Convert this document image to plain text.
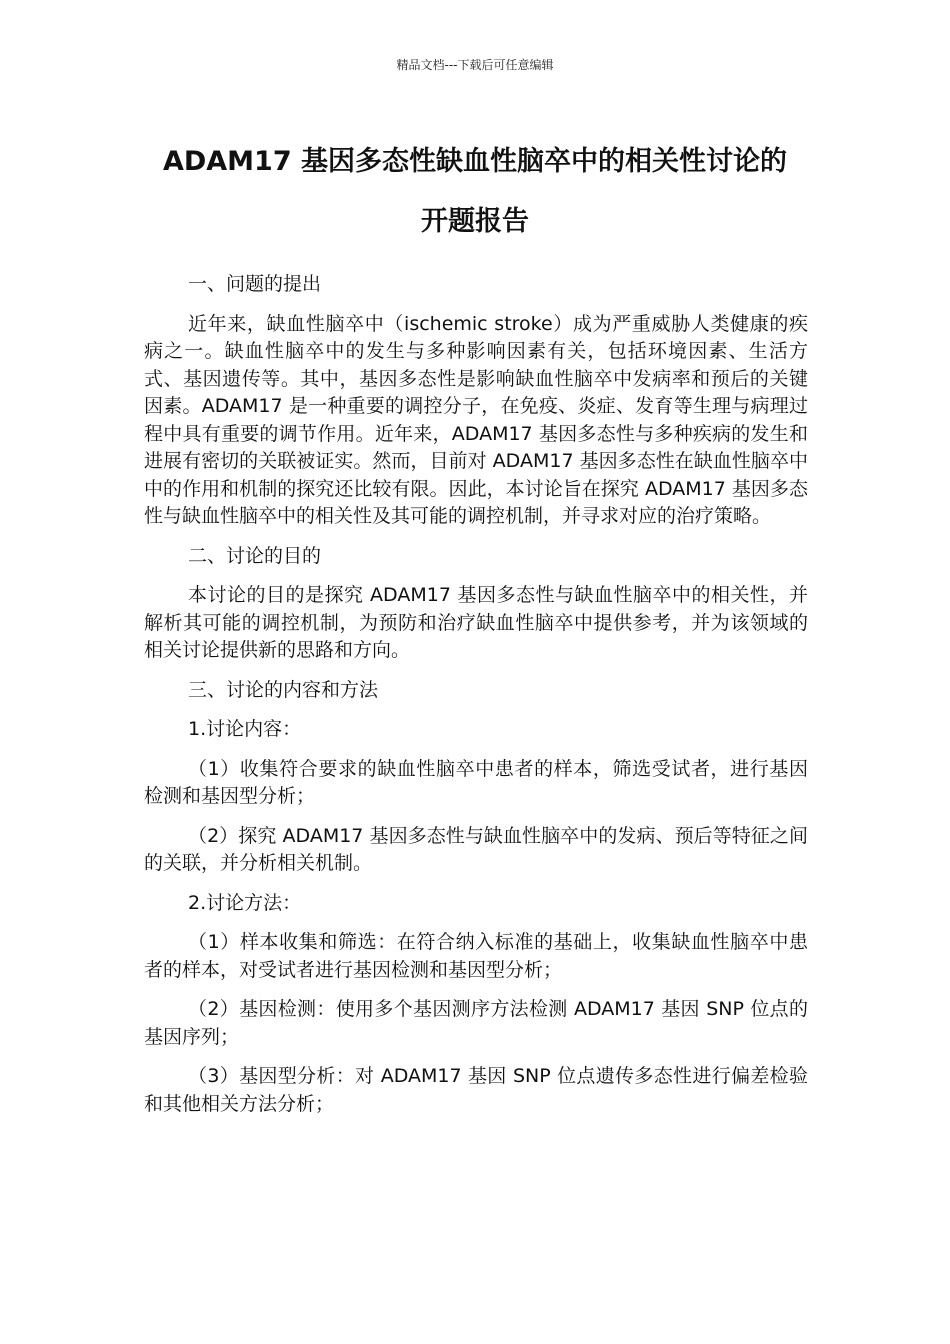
精品文档---下载后可任意编辑
ADAM17 基因多态性缺血性脑卒中的相关性讨论的
开题报告

一、问题的提出

近年来，缺血性脑卒中（ischemic stroke）成为严重威胁人类健康的疾病之一。缺血性脑卒中的发生与多种影响因素有关，包括环境因素、生活方式、基因遗传等。其中，基因多态性是影响缺血性脑卒中发病率和预后的关键因素。ADAM17 是一种重要的调控分子，在免疫、炎症、发育等生理与病理过程中具有重要的调节作用。近年来，ADAM17 基因多态性与多种疾病的发生和进展有密切的关联被证实。然而，目前对 ADAM17 基因多态性在缺血性脑卒中中的作用和机制的探究还比较有限。因此，本讨论旨在探究 ADAM17 基因多态性与缺血性脑卒中的相关性及其可能的调控机制，并寻求对应的治疗策略。

二、讨论的目的

本讨论的目的是探究 ADAM17 基因多态性与缺血性脑卒中的相关性，并解析其可能的调控机制，为预防和治疗缺血性脑卒中提供参考，并为该领域的相关讨论提供新的思路和方向。

三、讨论的内容和方法

1.讨论内容：

（1）收集符合要求的缺血性脑卒中患者的样本，筛选受试者，进行基因检测和基因型分析；

（2）探究 ADAM17 基因多态性与缺血性脑卒中的发病、预后等特征之间的关联，并分析相关机制。

2.讨论方法：

（1）样本收集和筛选：在符合纳入标准的基础上，收集缺血性脑卒中患者的样本，对受试者进行基因检测和基因型分析；

（2）基因检测：使用多个基因测序方法检测 ADAM17 基因 SNP 位点的基因序列；

（3）基因型分析：对 ADAM17 基因 SNP 位点遗传多态性进行偏差检验和其他相关方法分析；
